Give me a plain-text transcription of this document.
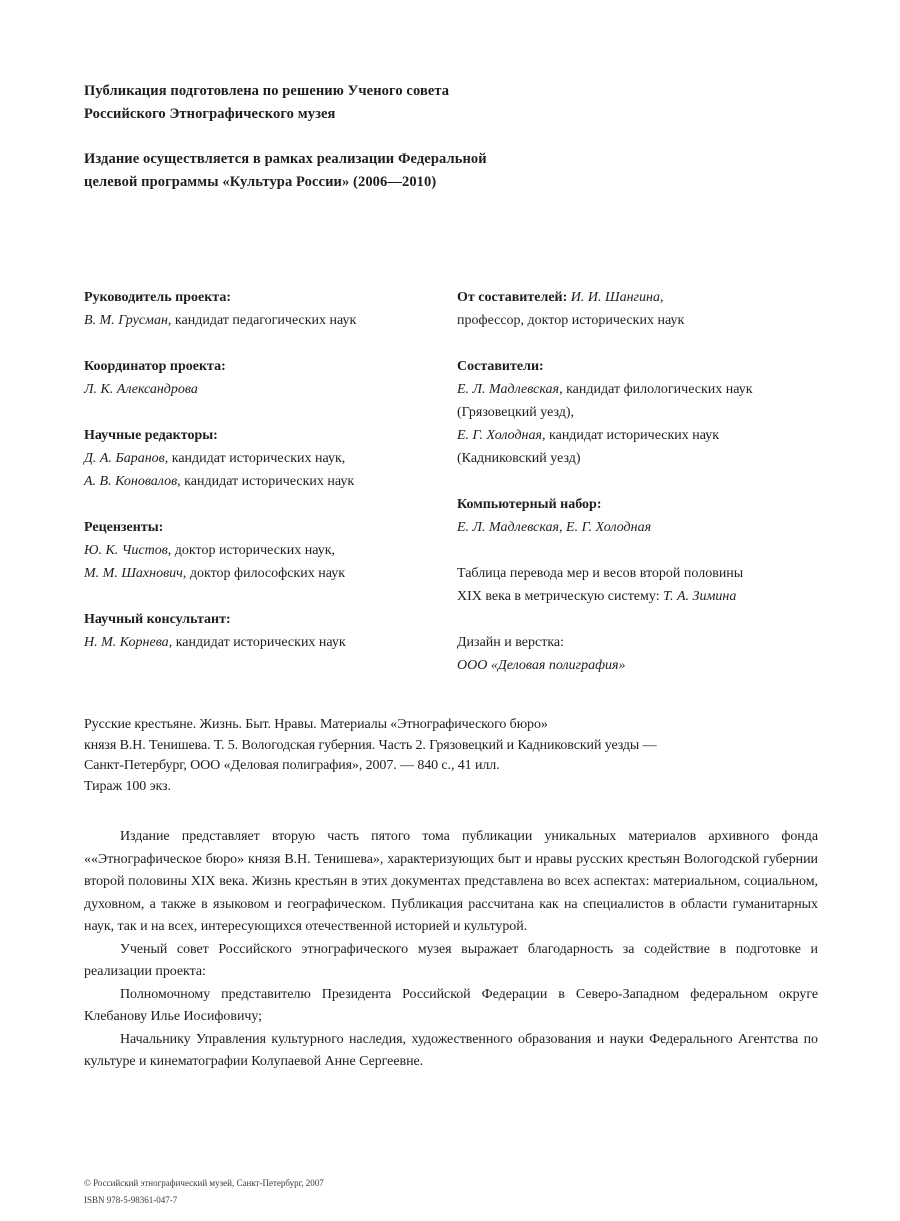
Публикация подготовлена по решению Ученого совета
Российского Этнографического музея
Издание осуществляется в рамках реализации Федеральной
целевой программы «Культура России» (2006—2010)
Руководитель проекта:
В. М. Грусман, кандидат педагогических наук
Координатор проекта:
Л. К. Александрова
Научные редакторы:
Д. А. Баранов, кандидат исторических наук,
А. В. Коновалов, кандидат исторических наук
Рецензенты:
Ю. К. Чистов, доктор исторических наук,
М. М. Шахнович, доктор философских наук
Научный консультант:
Н. М. Корнева, кандидат исторических наук
От составителей: И. И. Шангина,
профессор, доктор исторических наук
Составители:
Е. Л. Мадлевская, кандидат филологических наук
(Грязовецкий уезд),
Е. Г. Холодная, кандидат исторических наук
(Кадниковский уезд)
Компьютерный набор:
Е. Л. Мадлевская, Е. Г. Холодная
Таблица перевода мер и весов второй половины
XIX века в метрическую систему: Т. А. Зимина
Дизайн и верстка:
ООО «Деловая полиграфия»
Русские крестьяне. Жизнь. Быт. Нравы. Материалы «Этнографического бюро»
князя В.Н. Тенишева. Т. 5. Вологодская губерния. Часть 2. Грязовецкий и Кадниковский уезды —
Санкт-Петербург, ООО «Деловая полиграфия», 2007. — 840 с., 41 илл.
Тираж 100 экз.

Издание представляет вторую часть пятого тома публикации уникальных материалов архивного фонда ««Этнографическое бюро» князя В.Н. Тенишева», характеризующих быт и нравы русских крестьян Вологодской губернии второй половины XIX века. Жизнь крестьян в этих документах представлена во всех аспектах: материальном, социальном, духовном, а также в языковом и географическом. Публикация рассчитана как на специалистов в области гуманитарных наук, так и на всех, интересующихся отечественной историей и культурой.

Ученый совет Российского этнографического музея выражает благодарность за содействие в подготовке и реализации проекта:

Полномочному представителю Президента Российской Федерации в Северо-Западном федеральном округе Клебанову Илье Иосифовичу;

Начальнику Управления культурного наследия, художественного образования и науки Федерального Агентства по культуре и кинематографии Колупаевой Анне Сергеевне.

© Российский этнографический музей, Санкт-Петербург, 2007
ISBN 978-5-98361-047-7
